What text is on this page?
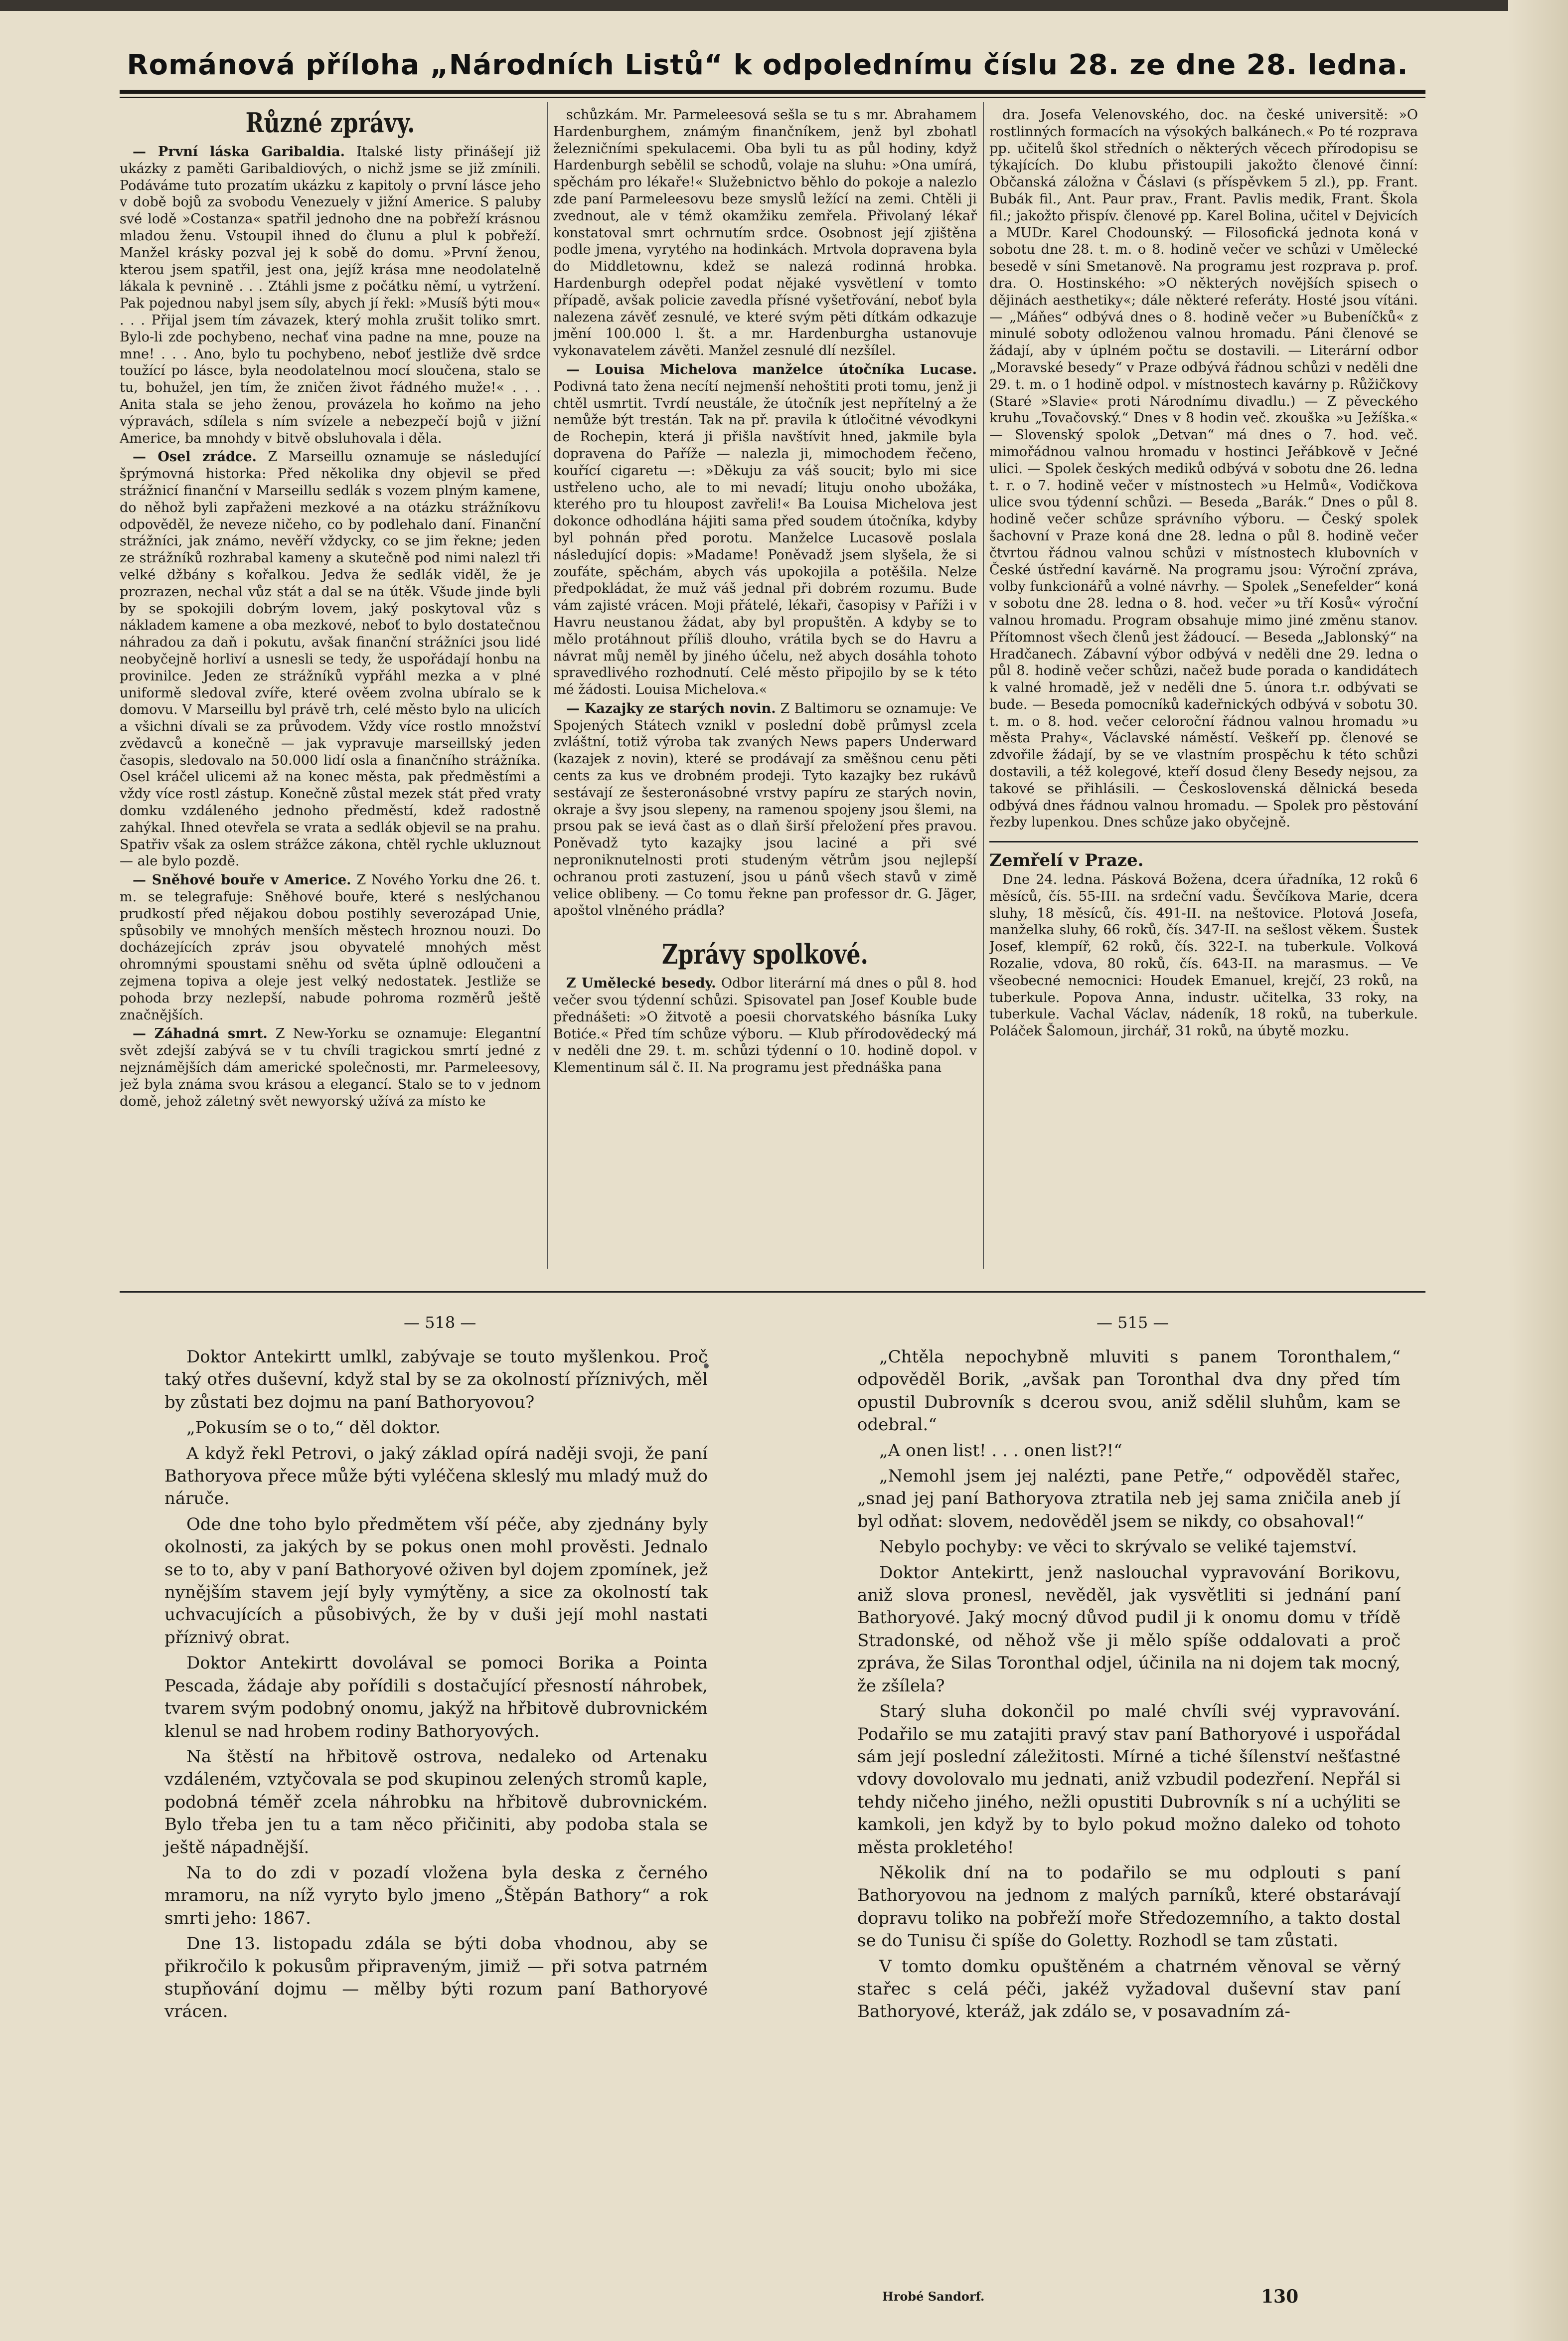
Románová příloha „Národních Listů“ k odpolednímu číslu 28. ze dne 28. ledna.
Různé zprávy.

— První láska Garibaldia. Italské listy přinášejí již ukázky z paměti Garibaldiových, o nichž jsme se již zmínili. Podáváme tuto prozatím ukázku z kapitoly o první lásce jeho v době bojů za svobodu Venezuely v jižní Americe. S paluby své lodě »Costanza« spatřil jednoho dne na pobřeží krásnou mladou ženu. Vstoupil ihned do člunu a plul k pobřeží. Manžel krásky pozval jej k sobě do domu. »První ženou, kterou jsem spatřil, jest ona, jejíž krása mne neodolatelně lákala k pevnině . . . Ztáhli jsme z počátku němí, u vytržení. Pak pojednou nabyl jsem síly, abych jí řekl: »Musíš býti mou« . . . Přijal jsem tím závazek, který mohla zrušit toliko smrt. Bylo-li zde pochybeno, nechať vina padne na mne, pouze na mne! . . . Ano, bylo tu pochybeno, neboť jestliže dvě srdce toužící po lásce, byla neodolatelnou mocí sloučena, stalo se tu, bohužel, jen tím, že zničen život řádného muže!« . . . Anita stala se jeho ženou, provázela ho koňmo na jeho výpravách, sdílela s ním svízele a nebezpečí bojů v jižní Americe, ba mnohdy v bitvě obsluhovala i děla.

— Osel zrádce. Z Marseillu oznamuje se následující šprýmovná historka: Před několika dny objevil se před strážnicí finanční v Marseillu sedlák s vozem plným kamene, do něhož byli zapřaženi mezkové a na otázku strážníkovu odpověděl, že neveze ničeho, co by podlehalo daní. Finanční strážníci, jak známo, nevěří vždycky, co se jim řekne; jeden ze strážníků rozhrabal kameny a skutečně pod nimi nalezl tři velké džbány s kořalkou. Jedva že sedlák viděl, že je prozrazen, nechal vůz stát a dal se na útěk. Všude jinde byli by se spokojili dobrým lovem, jaký poskytoval vůz s nákladem kamene a oba mezkové, neboť to bylo dostatečnou náhradou za daň i pokutu, avšak finanční strážníci jsou lidé neobyčejně horliví a usnesli se tedy, že uspořádají honbu na provinilce. Jeden ze strážníků vypřáhl mezka a v plné uniformě sledoval zvíře, které ověem zvolna ubíralo se k domovu. V Marseillu byl právě trh, celé město bylo na ulicích a všichni dívali se za průvodem. Vždy více rostlo množství zvědavců a konečně — jak vypravuje marseillský jeden časopis, sledovalo na 50.000 lidí osla a finančního strážníka. Osel kráčel ulicemi až na konec města, pak předměstími a vždy více rostl zástup. Konečně zůstal mezek stát před vraty domku vzdáleného jednoho předměstí, kdež radostně zahýkal. Ihned otevřela se vrata a sedlák objevil se na prahu. Spatřiv však za oslem strážce zákona, chtěl rychle ukluznout — ale bylo pozdě.

— Sněhové bouře v Americe. Z Nového Yorku dne 26. t. m. se telegrafuje: Sněhové bouře, které s neslýchanou prudkostí před nějakou dobou postihly severozápad Unie, spůsobily ve mnohých menších městech hroznou nouzi. Do docházejících zpráv jsou obyvatelé mnohých měst ohromnými spoustami sněhu od světa úplně odloučeni a zejmena topiva a oleje jest velký nedostatek. Jestliže se pohoda brzy nezlepší, nabude pohroma rozměrů ještě značnějších.

— Záhadná smrt. Z New-Yorku se oznamuje: Elegantní svět zdejší zabývá se v tu chvíli tragickou smrtí jedné z nejznámějších dám americké společnosti, mr. Parmeleesovy, jež byla známa svou krásou a elegancí. Stalo se to v jednom domě, jehož záletný svět newyorský užívá za místo ke

schůzkám. Mr. Parmeleesová sešla se tu s mr. Abrahamem Hardenburghem, známým finančníkem, jenž byl zbohatl železničními spekulacemi. Oba byli tu as půl hodiny, když Hardenburgh sebělil se schodů, volaje na sluhu: »Ona umírá, spěchám pro lékaře!« Služebnictvo běhlo do pokoje a nalezlo zde paní Parmeleesovu beze smyslů ležící na zemi. Chtěli ji zvednout, ale v témž okamžiku zemřela. Přivolaný lékař konstatoval smrt ochrnutím srdce. Osobnost její zjištěna podle jmena, vyrytého na hodinkách. Mrtvola dopravena byla do Middletownu, kdež se nalezá rodinná hrobka. Hardenburgh odepřel podat nějaké vysvětlení v tomto případě, avšak policie zavedla přísné vyšetřování, neboť byla nalezena závěť zesnulé, ve které svým pěti dítkám odkazuje jmění 100.000 l. št. a mr. Hardenburgha ustanovuje vykonavatelem závěti. Manžel zesnulé dlí nezšílel.

— Louisa Michelova manželce útočníka Lucase. Podivná tato žena necítí nejmenší nehoštiti proti tomu, jenž ji chtěl usmrtit. Tvrdí neustále, že útočník jest nepřítelný a že nemůže být trestán. Tak na př. pravila k útločitné vévodkyni de Rochepin, která ji přišla navštívit hned, jakmile byla dopravena do Paříže — nalezla ji, mimochodem řečeno, kouřící cigaretu —: »Děkuju za váš soucit; bylo mi sice ustřeleno ucho, ale to mi nevadí; lituju onoho ubožáka, kterého pro tu hloupost zavřeli!« Ba Louisa Michelova jest dokonce odhodlána hájiti sama před soudem útočníka, kdyby byl pohnán před porotu. Manželce Lucasově poslala následující dopis: »Madame! Poněvadž jsem slyšela, že si zoufáte, spěchám, abych vás upokojila a potěšila. Nelze předpokládat, že muž váš jednal při dobrém rozumu. Bude vám zajisté vrácen. Moji přátelé, lékaři, časopisy v Paříži i v Havru neustanou žádat, aby byl propuštěn. A kdyby se to mělo protáhnout příliš dlouho, vrátila bych se do Havru a návrat můj neměl by jiného účelu, než abych dosáhla tohoto spravedlivého rozhodnutí. Celé město připojilo by se k této mé žádosti. Louisa Michelova.«

— Kazajky ze starých novin. Z Baltimoru se oznamuje: Ve Spojených Státech vznikl v poslední době průmysl zcela zvláštní, totiž výroba tak zvaných News papers Underward (kazajek z novin), které se prodávají za směšnou cenu pěti cents za kus ve drobném prodeji. Tyto kazajky bez rukávů sestávají ze šesteronásobné vrstvy papíru ze starých novin, okraje a švy jsou slepeny, na ramenou spojeny jsou šlemi, na prsou pak se ievá čast as o dlaň širší přeložení přes pravou. Poněvadž tyto kazajky jsou laciné a při své neproniknutelnosti proti studeným větrům jsou nejlepší ochranou proti zastuzení, jsou u pánů všech stavů v zimě velice oblibeny. — Co tomu řekne pan professor dr. G. Jäger, apoštol vlněného prádla?

Zprávy spolkové.

Z Umělecké besedy. Odbor literární má dnes o půl 8. hod večer svou týdenní schůzi. Spisovatel pan Josef Kouble bude přednášeti: »O žitvotě a poesii chorvatského básníka Luky Botiće.« Před tím schůze výboru. — Klub přírodovědecký má v neděli dne 29. t. m. schůzi týdenní o 10. hodině dopol. v Klementinum sál č. II. Na programu jest přednáška pana

dra. Josefa Velenovského, doc. na české universitě: »O rostlinných formacích na výsokých balkánech.« Po té rozprava pp. učitelů škol středních o některých věcech přírodopisu se týkajících. Do klubu přistoupili jakožto členové činní: Občanská záložna v Čáslavi (s příspěvkem 5 zl.), pp. Frant. Bubák fil., Ant. Paur prav., Frant. Pavlis medik, Frant. Škola fil.; jakožto přispív. členové pp. Karel Bolina, učitel v Dejvicích a MUDr. Karel Chodounský. — Filosofická jednota koná v sobotu dne 28. t. m. o 8. hodině večer ve schůzi v Umělecké besedě v síni Smetanově. Na programu jest rozprava p. prof. dra. O. Hostinského: »O některých novějších spisech o dějinách aesthetiky«; dále některé referáty. Hosté jsou vítáni. — „Máňes“ odbývá dnes o 8. hodině večer »u Bubeníčků« z minulé soboty odloženou valnou hromadu. Páni členové se žádají, aby v úplném počtu se dostavili. — Literární odbor „Moravské besedy“ v Praze odbývá řádnou schůzi v neděli dne 29. t. m. o 1 hodině odpol. v místnostech kavárny p. Růžičkovy (Staré »Slavie« proti Národnímu divadlu.) — Z pěveckého kruhu „Tovačovský.“ Dnes v 8 hodin več. zkouška »u Ježíška.« — Slovenský spolok „Detvan“ má dnes o 7. hod. več. mimořádnou valnou hromadu v hostinci Jeřábkově v Ječné ulici. — Spolek českých mediků odbývá v sobotu dne 26. ledna t. r. o 7. hodině večer v místnostech »u Helmů«, Vodičkova ulice svou týdenní schůzi. — Beseda „Barák.“ Dnes o půl 8. hodině večer schůze správního výboru. — Český spolek šachovní v Praze koná dne 28. ledna o půl 8. hodině večer čtvrtou řádnou valnou schůzi v místnostech klubovních v České ústřední kavárně. Na programu jsou: Výroční zpráva, volby funkcionářů a volné návrhy. — Spolek „Senefelder“ koná v sobotu dne 28. ledna o 8. hod. večer »u tří Kosů« výroční valnou hromadu. Program obsahuje mimo jiné změnu stanov. Přítomnost všech členů jest žádoucí. — Beseda „Jablonský“ na Hradčanech. Zábavní výbor odbývá v neděli dne 29. ledna o půl 8. hodině večer schůzi, načež bude porada o kandidátech k valné hromadě, jež v neděli dne 5. února t.r. odbývati se bude. — Beseda pomocníků kadeřnických odbývá v sobotu 30. t. m. o 8. hod. večer celoroční řádnou valnou hromadu »u města Prahy«, Václavské náměstí. Veškeří pp. členové se zdvořile žádají, by se ve vlastním prospěchu k této schůzi dostavili, a též kolegové, kteří dosud členy Besedy nejsou, za takové se přihlásili. — Československá dělnická beseda odbývá dnes řádnou valnou hromadu. — Spolek pro pěstování řezby lupenkou. Dnes schůze jako obyčejně.

Zemřelí v Praze.

Dne 24. ledna. Pásková Božena, dcera úřadníka, 12 roků 6 měsíců, čís. 55-III. na srdeční vadu. Ševčíkova Marie, dcera sluhy, 18 měsíců, čís. 491-II. na neštovice. Plotová Josefa, manželka sluhy, 66 roků, čís. 347-II. na sešlost věkem. Šustek Josef, klempíř, 62 roků, čís. 322-I. na tuberkule. Volková Rozalie, vdova, 80 roků, čís. 643-II. na marasmus. — Ve všeobecné nemocnici: Houdek Emanuel, krejčí, 23 roků, na tuberkule. Popova Anna, industr. učitelka, 33 roky, na tuberkule. Vachal Václav, nádeník, 18 roků, na tuberkule. Poláček Šalomoun, jirchář, 31 roků, na úbytě mozku.

— 518 —	— 515 —

Doktor Antekirtt umlkl, zabývaje se touto myšlenkou. Proč taký otřes duševní, když stal by se za okolností příznivých, měl by zůstati bez dojmu na paní Bathoryovou?

„Pokusím se o to,“ děl doktor.

A když řekl Petrovi, o jaký základ opírá naději svoji, že paní Bathoryova přece může býti vyléčena skleslý mu mladý muž do náruče.

Ode dne toho bylo předmětem vší péče, aby zjednány byly okolnosti, za jakých by se pokus onen mohl prověsti. Jednalo se to to, aby v paní Bathoryové oživen byl dojem zpomínek, jež nynějším stavem její byly vymýtěny, a sice za okolností tak uchvacujících a působivých, že by v duši její mohl nastati příznivý obrat.

Doktor Antekirtt dovolával se pomoci Borika a Pointa Pescada, žádaje aby pořídili s dostačující přesností náhrobek, tvarem svým podobný onomu, jakýž na hřbitově dubrovnickém klenul se nad hrobem rodiny Bathoryových.

Na štěstí na hřbitově ostrova, nedaleko od Artenaku vzdáleném, vztyčovala se pod skupinou zelených stromů kaple, podobná téměř zcela náhrobku na hřbitově dubrovnickém. Bylo třeba jen tu a tam něco přičiniti, aby podoba stala se ještě nápadnější.

Na to do zdi v pozadí vložena byla deska z černého mramoru, na níž vyryto bylo jmeno „Štěpán Bathory“ a rok smrti jeho: 1867.

Dne 13. listopadu zdála se býti doba vhodnou, aby se přikročilo k pokusům připraveným, jimiž — při sotva patrném stupňování dojmu — mělby býti rozum paní Bathoryové vrácen.

„Chtěla nepochybně mluviti s panem Toronthalem,“ odpověděl Borik, „avšak pan Toronthal dva dny před tím opustil Dubrovník s dcerou svou, aniž sdělil sluhům, kam se odebral.“

„A onen list! . . . onen list?!“

„Nemohl jsem jej nalézti, pane Petře,“ odpověděl stařec, „snad jej paní Bathoryova ztratila neb jej sama zničila aneb jí byl odňat: slovem, nedověděl jsem se nikdy, co obsahoval!“

Nebylo pochyby: ve věci to skrývalo se veliké tajemství.

Doktor Antekirtt, jenž naslouchal vypravování Borikovu, aniž slova pronesl, nevěděl, jak vysvětliti si jednání paní Bathoryové. Jaký mocný důvod pudil ji k onomu domu v třídě Stradonské, od něhož vše ji mělo spíše oddalovati a proč zpráva, že Silas Toronthal odjel, účinila na ni dojem tak mocný, že zšílela?

Starý sluha dokončil po malé chvíli svéj vypravování. Podařilo se mu zatajiti pravý stav paní Bathoryové i uspořádal sám její poslední záležitosti. Mírné a tiché šílenství nešťastné vdovy dovolovalo mu jednati, aniž vzbudil podezření. Nepřál si tehdy ničeho jiného, nežli opustiti Dubrovník s ní a uchýliti se kamkoli, jen když by to bylo pokud možno daleko od tohoto města prokletého!

Několik dní na to podařilo se mu odplouti s paní Bathoryovou na jednom z malých parníků, které obstarávají dopravu toliko na pobřeží moře Středozemního, a takto dostal se do Tunisu či spíše do Goletty. Rozhodl se tam zůstati.

V tomto domku opuštěném a chatrném věnoval se věrný stařec s celá péči, jakéž vyžadoval duševní stav paní Bathoryové, kteráž, jak zdálo se, v posavadním zá-

Hrobé Sandorf.	130
